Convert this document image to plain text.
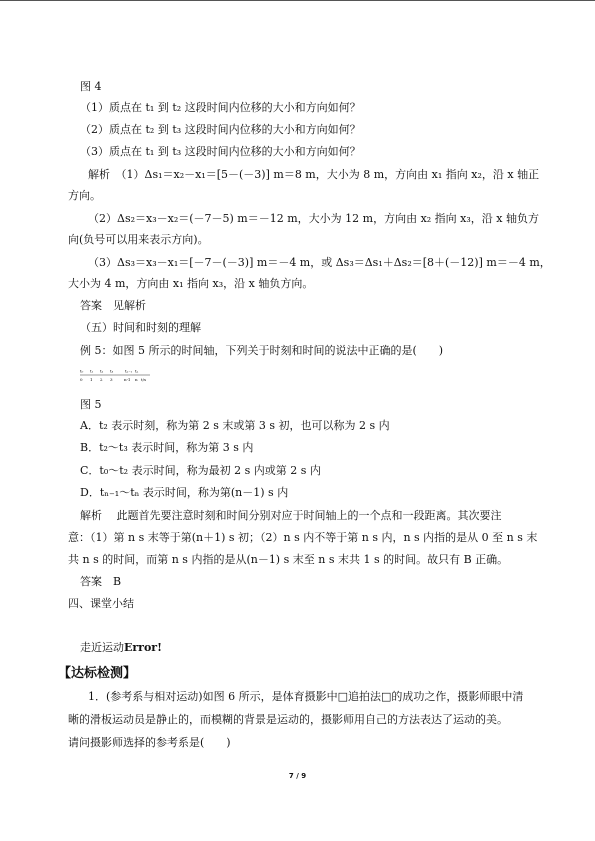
图 4
（1）质点在 t₁ 到 t₂ 这段时间内位移的大小和方向如何？
（2）质点在 t₂ 到 t₃ 这段时间内位移的大小和方向如何？
（3）质点在 t₁ 到 t₃ 这段时间内位移的大小和方向如何？
解析　（1）Δs₁＝x₂－x₁＝[5－(－3)] m＝8 m，大小为 8 m，方向由 x₁ 指向 x₂，沿 x 轴正
方向。
（2）Δs₂＝x₃－x₂＝(－7－5) m＝－12 m，大小为 12 m，方向由 x₂ 指向 x₃，沿 x 轴负方
向(负号可以用来表示方向)。
（3）Δs₃＝x₃－x₁＝[－7－(－3)] m＝－4 m，或 Δs₃＝Δs₁＋Δs₂＝[8＋(－12)] m＝－4 m，
大小为 4 m，方向由 x₁ 指向 x₃，沿 x 轴负方向。
答案　见解析
（五）时间和时刻的理解
例 5：如图 5 所示的时间轴，下列关于时刻和时间的说法中正确的是(　　)
t₀ t₁ t₂ t₃	tₙ₋₁ tₙ
0 1 2 3	n-1 n t/s
图 5
A．t₂ 表示时刻，称为第 2 s 末或第 3 s 初，也可以称为 2 s 内
B．t₂～t₃ 表示时间，称为第 3 s 内
C．t₀～t₂ 表示时间，称为最初 2 s 内或第 2 s 内
D．tₙ₋₁～tₙ 表示时间，称为第(n－1) s 内
解析　 此题首先要注意时刻和时间分别对应于时间轴上的一个点和一段距离。其次要注
意：（1）第 n s 末等于第(n＋1) s 初；（2）n s 内不等于第 n s 内，n s 内指的是从 0 至 n s 末
共 n s 的时间，而第 n s 内指的是从(n－1) s 末至 n s 末共 1 s 的时间。故只有 B 正确。
答案　B
四、课堂小结
走近运动Error!
【达标检测】
1．(参考系与相对运动)如图 6 所示，是体育摄影中□追拍法□的成功之作，摄影师眼中清
晰的滑板运动员是静止的，而模糊的背景是运动的，摄影师用自己的方法表达了运动的美。
请问摄影师选择的参考系是(　　)
7 / 9
